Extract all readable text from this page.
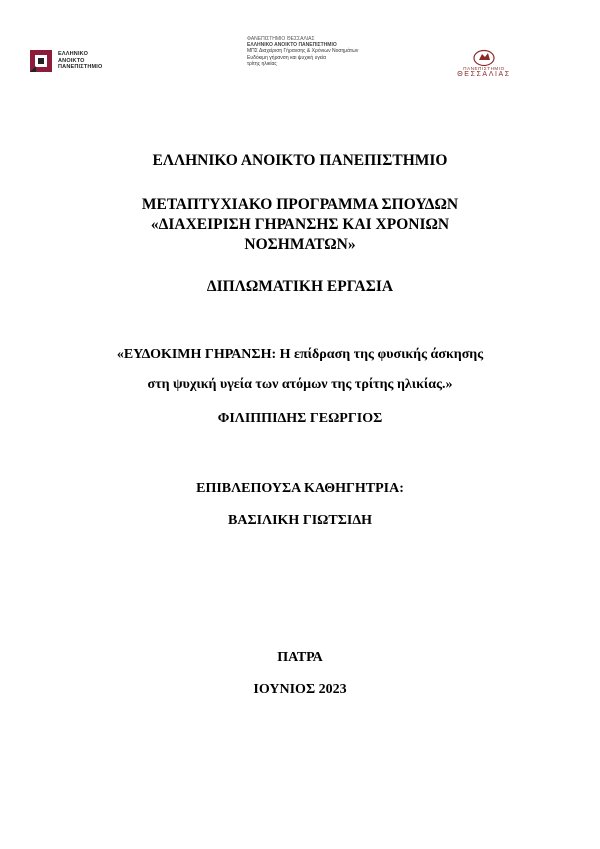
ΕΛΛΗΝΙΚΟ
ΑΝΟΙΚΤΟ
ΠΑΝΕΠΙΣΤΗΜΙΟ
ΦΑΝΕΠΙΣΤΗΜΙΟ ΘΕΣΣΑΛΙΑΣ
ΕΛΛΗΝΙΚΟ ΑΝΟΙΚΤΟ ΠΑΝΕΠΙΣΤΗΜΙΟ
ΜΠΣ Διαχείριση Γήρανσης & Χρόνιων Νοσημάτων
Ευδόκιμη γήρανση και ψυχική υγεία
τρίτης ηλικίας
ΠΑΝΕΠΙΣΤΗΜΙΟ
ΘΕΣΣΑΛΙΑΣ
ΕΛΛΗΝΙΚΟ ΑΝΟΙΚΤΟ ΠΑΝΕΠΙΣΤΗΜΙΟ
ΜΕΤΑΠΤΥΧΙΑΚΟ ΠΡΟΓΡΑΜΜΑ ΣΠΟΥΔΩΝ
«ΔΙΑΧΕΙΡΙΣΗ ΓΗΡΑΝΣΗΣ ΚΑΙ ΧΡΟΝΙΩΝ
ΝΟΣΗΜΑΤΩΝ»
ΔΙΠΛΩΜΑΤΙΚΗ ΕΡΓΑΣΙΑ
«ΕΥΔΟΚΙΜΗ ΓΗΡΑΝΣΗ: Η επίδραση της φυσικής άσκησης
στη ψυχική υγεία των ατόμων της τρίτης ηλικίας.»
ΦΙΛΙΠΠΙΔΗΣ ΓΕΩΡΓΙΟΣ
ΕΠΙΒΛΕΠΟΥΣΑ ΚΑΘΗΓΗΤΡΙΑ:
ΒΑΣΙΛΙΚΗ ΓΙΩΤΣΙΔΗ
ΠΑΤΡΑ
ΙΟΥΝΙΟΣ 2023
